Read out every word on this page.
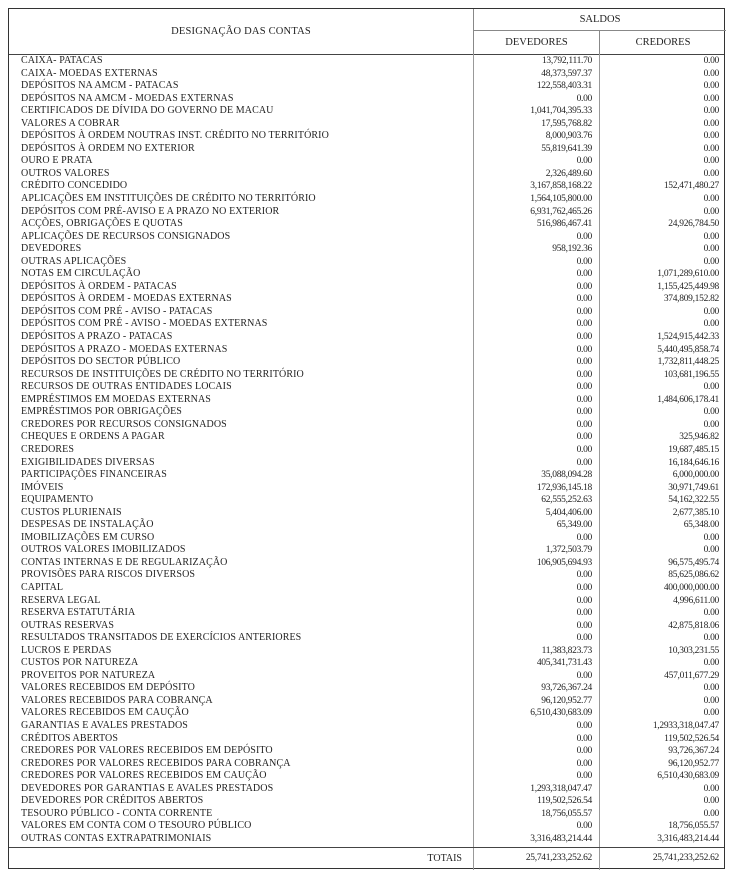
DESIGNAÇÃO DAS CONTAS
SALDOS
DEVEDORES	CREDORES
CAIXA- PATACAS	13,792,111.70	0.00
CAIXA- MOEDAS EXTERNAS	48,373,597.37	0.00
DEPÓSITOS NA AMCM - PATACAS	122,558,403.31	0.00
DEPÓSITOS NA AMCM - MOEDAS EXTERNAS	0.00	0.00
CERTIFICADOS DE DÍVIDA DO GOVERNO DE MACAU	1,041,704,395.33	0.00
VALORES A COBRAR	17,595,768.82	0.00
DEPÓSITOS À ORDEM NOUTRAS INST. CRÉDITO NO TERRITÓRIO	8,000,903.76	0.00
DEPÓSITOS À ORDEM NO EXTERIOR	55,819,641.39	0.00
OURO E PRATA	0.00	0.00
OUTROS VALORES	2,326,489.60	0.00
CRÉDITO CONCEDIDO	3,167,858,168.22	152,471,480.27
APLICAÇÕES EM INSTITUIÇÕES DE CRÉDITO NO TERRITÓRIO	1,564,105,800.00	0.00
DEPÓSITOS COM PRÉ-AVISO E A PRAZO NO EXTERIOR	6,931,762,465.26	0.00
ACÇÕES, OBRIGAÇÕES E QUOTAS	516,986,467.41	24,926,784.50
APLICAÇÕES DE RECURSOS CONSIGNADOS	0.00	0.00
DEVEDORES	958,192.36	0.00
OUTRAS APLICAÇÕES	0.00	0.00
NOTAS EM CIRCULAÇÃO	0.00	1,071,289,610.00
DEPÓSITOS À ORDEM - PATACAS	0.00	1,155,425,449.98
DEPÓSITOS À ORDEM - MOEDAS EXTERNAS	0.00	374,809,152.82
DEPÓSITOS COM PRÉ - AVISO - PATACAS	0.00	0.00
DEPÓSITOS COM PRÉ - AVISO - MOEDAS EXTERNAS	0.00	0.00
DEPÓSITOS A PRAZO - PATACAS	0.00	1,524,915,442.33
DEPÓSITOS A PRAZO - MOEDAS EXTERNAS	0.00	5,440,495,858.74
DEPÓSITOS DO SECTOR PÚBLICO	0.00	1,732,811,448.25
RECURSOS DE INSTITUIÇÕES DE CRÉDITO NO TERRITÓRIO	0.00	103,681,196.55
RECURSOS DE OUTRAS ENTIDADES LOCAIS	0.00	0.00
EMPRÉSTIMOS EM MOEDAS EXTERNAS	0.00	1,484,606,178.41
EMPRÉSTIMOS POR OBRIGAÇÕES	0.00	0.00
CREDORES POR RECURSOS CONSIGNADOS	0.00	0.00
CHEQUES E ORDENS A PAGAR	0.00	325,946.82
CREDORES	0.00	19,687,485.15
EXIGIBILIDADES DIVERSAS	0.00	16,184,646.16
PARTICIPAÇÕES FINANCEIRAS	35,088,094.28	6,000,000.00
IMÓVEIS	172,936,145.18	30,971,749.61
EQUIPAMENTO	62,555,252.63	54,162,322.55
CUSTOS PLURIENAIS	5,404,406.00	2,677,385.10
DESPESAS DE INSTALAÇÃO	65,349.00	65,348.00
IMOBILIZAÇÕES EM CURSO	0.00	0.00
OUTROS VALORES IMOBILIZADOS	1,372,503.79	0.00
CONTAS INTERNAS E DE REGULARIZAÇÃO	106,905,694.93	96,575,495.74
PROVISÕES PARA RISCOS DIVERSOS	0.00	85,625,086.62
CAPITAL	0.00	400,000,000.00
RESERVA LEGAL	0.00	4,996,611.00
RESERVA ESTATUTÁRIA	0.00	0.00
OUTRAS RESERVAS	0.00	42,875,818.06
RESULTADOS TRANSITADOS DE EXERCÍCIOS ANTERIORES	0.00	0.00
LUCROS E PERDAS	11,383,823.73	10,303,231.55
CUSTOS POR NATUREZA	405,341,731.43	0.00
PROVEITOS POR NATUREZA	0.00	457,011,677.29
VALORES RECEBIDOS EM DEPÓSITO	93,726,367.24	0.00
VALORES RECEBIDOS PARA COBRANÇA	96,120,952.77	0.00
VALORES RECEBIDOS EM CAUÇÃO	6,510,430,683.09	0.00
GARANTIAS E AVALES PRESTADOS	0.00	1,2933,318,047.47
CRÉDITOS ABERTOS	0.00	119,502,526.54
CREDORES POR VALORES RECEBIDOS EM DEPÓSITO	0.00	93,726,367.24
CREDORES POR VALORES RECEBIDOS PARA COBRANÇA	0.00	96,120,952.77
CREDORES POR VALORES RECEBIDOS EM CAUÇÃO	0.00	6,510,430,683.09
DEVEDORES POR GARANTIAS E AVALES PRESTADOS	1,293,318,047.47	0.00
DEVEDORES POR CRÉDITOS ABERTOS	119,502,526.54	0.00
TESOURO PÚBLICO - CONTA CORRENTE	18,756,055.57	0.00
VALORES EM CONTA COM O TESOURO PÚBLICO	0.00	18,756,055.57
OUTRAS CONTAS EXTRAPATRIMONIAIS	3,316,483,214.44	3,316,483,214.44
TOTAIS	25,741,233,252.62	25,741,233,252.62
